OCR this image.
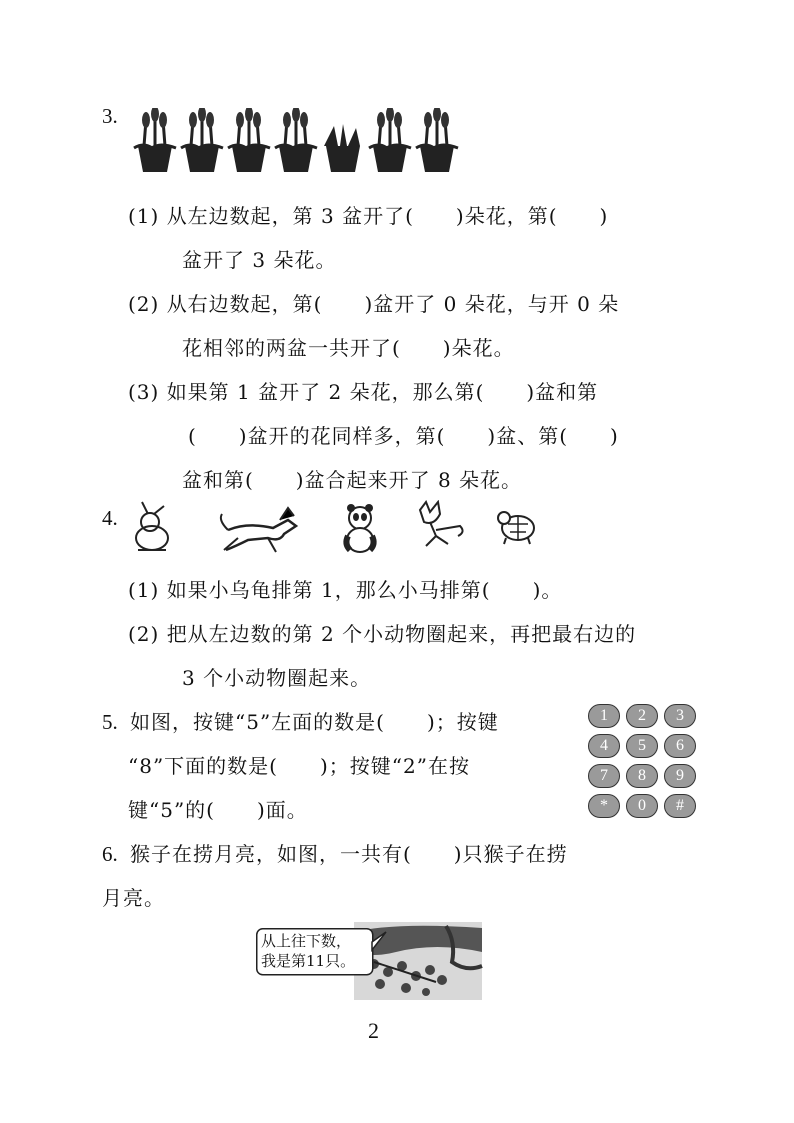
3.
(1) 从左边数起，第 3 盆开了(　　)朵花，第(　　)
盆开了 3 朵花。
(2) 从右边数起，第(　　)盆开了 0 朵花，与开 0 朵
花相邻的两盆一共开了(　　)朵花。
(3) 如果第 1 盆开了 2 朵花，那么第(　　)盆和第
(　　)盆开的花同样多，第(　　)盆、第(　　)
盆和第(　　)盆合起来开了 8 朵花。
4.
(1) 如果小乌龟排第 1，那么小马排第(　　)。
(2) 把从左边数的第 2 个小动物圈起来，再把最右边的
3 个小动物圈起来。
5. 如图，按键“5”左面的数是(　　)；按键
“8”下面的数是(　　)；按键“2”在按
键“5”的(　　)面。
1	2	3
4	5	6
7	8	9
*	0	#
6. 猴子在捞月亮，如图，一共有(　　)只猴子在捞
月亮。
从上往下数，
我是第11只。
2
